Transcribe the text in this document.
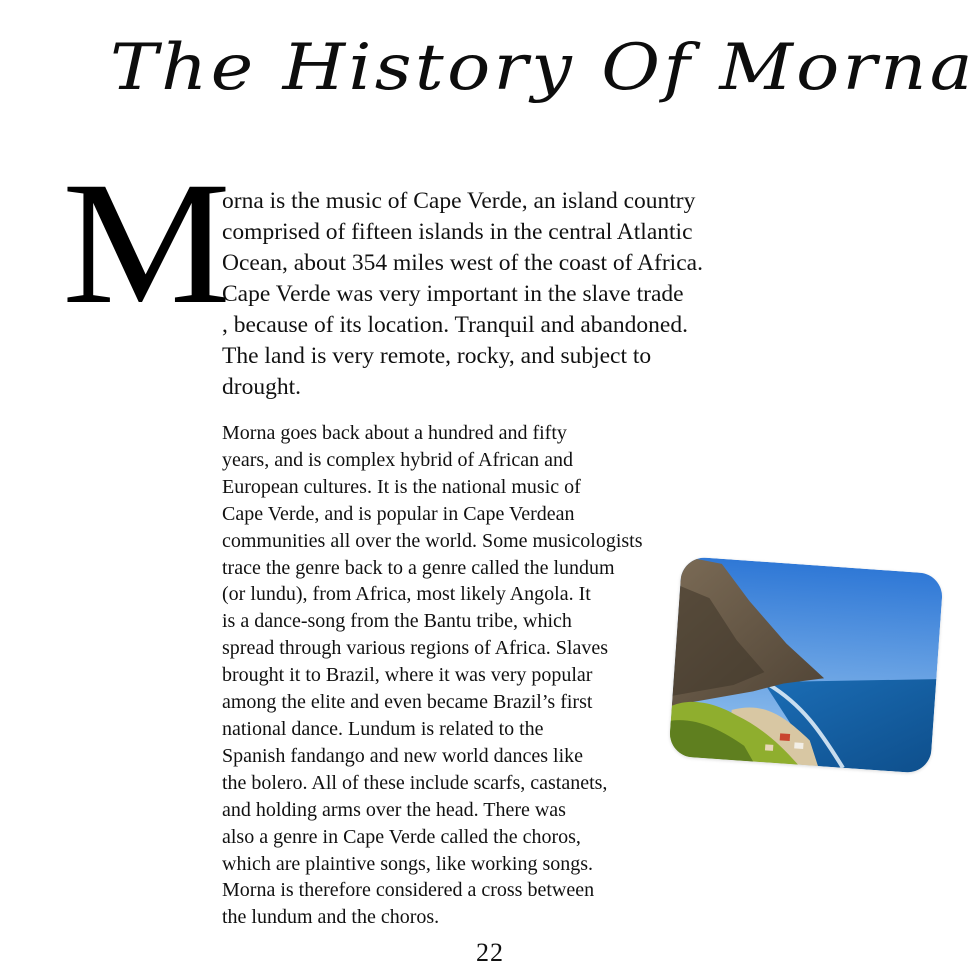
The History Of Morna
M

orna is the music of Cape Verde, an island country
comprised of fifteen islands in the central Atlantic
Ocean, about 354 miles west of the coast of Africa.
Cape Verde was very important in the slave trade
, because of its location. Tranquil and abandoned.
The land is very remote, rocky, and subject to
drought.

Morna goes back about a hundred and fifty
years, and is complex hybrid of African and
European cultures. It is the national music of
Cape Verde, and is popular in Cape Verdean
communities all over the world. Some musicologists
trace the genre back to a genre called the lundum
(or lundu), from Africa, most likely Angola. It
is a dance-song from the Bantu tribe, which
spread through various regions of Africa. Slaves
brought it to Brazil, where it was very popular
among the elite and even became Brazil’s first
national dance. Lundum is related to the
Spanish fandango and new world dances like
the bolero. All of these include scarfs, castanets,
and holding arms over the head. There was
also a genre in Cape Verde called the choros,
which are plaintive songs, like working songs.
Morna is therefore considered a cross between
the lundum and the choros.

22
